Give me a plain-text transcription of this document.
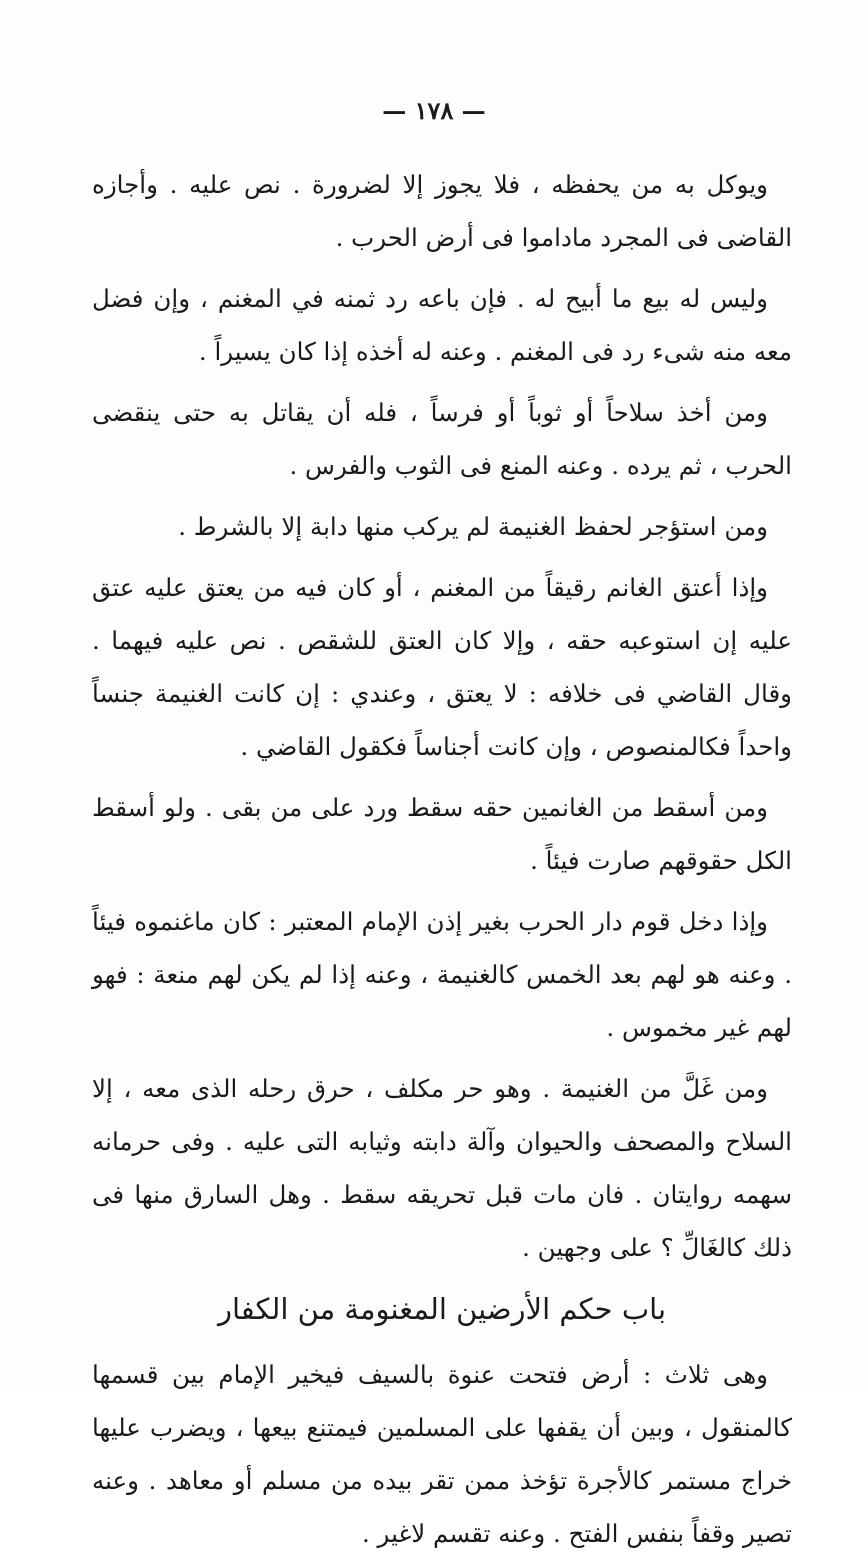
— ١٧٨ —

ويوكل به من يحفظه ، فلا يجوز إلا لضرورة . نص عليه . وأجازه القاضى فى المجرد ماداموا فى أرض الحرب .

وليس له بيع ما أبيح له . فإن باعه رد ثمنه في المغنم ، وإن فضل معه منه شىء رد فى المغنم . وعنه له أخذه إذا كان يسيراً .

ومن أخذ سلاحاً أو ثوباً أو فرساً ، فله أن يقاتل به حتى ينقضى الحرب ، ثم يرده . وعنه المنع فى الثوب والفرس .

ومن استؤجر لحفظ الغنيمة لم يركب منها دابة إلا بالشرط .

وإذا أعتق الغانم رقيقاً من المغنم ، أو كان فيه من يعتق عليه عتق عليه إن استوعبه حقه ، وإلا كان العتق للشقص . نص عليه فيهما . وقال القاضي فى خلافه : لا يعتق ، وعندي : إن كانت الغنيمة جنساً واحداً فكالمنصوص ، وإن كانت أجناساً فكقول القاضي .

ومن أسقط من الغانمين حقه سقط ورد على من بقى . ولو أسقط الكل حقوقهم صارت فيئاً .

وإذا دخل قوم دار الحرب بغير إذن الإمام المعتبر : كان ماغنموه فيئاً . وعنه هو لهم بعد الخمس كالغنيمة ، وعنه إذا لم يكن لهم منعة : فهو لهم غير مخموس .

ومن غَلَّ من الغنيمة . وهو حر مكلف ، حرق رحله الذى معه ، إلا السلاح والمصحف والحيوان وآلة دابته وثيابه التى عليه . وفى حرمانه سهمه روايتان . فان مات قبل تحريقه سقط . وهل السارق منها فى ذلك كالغَالِّ ؟ على وجهين .

باب حكم الأرضين المغنومة من الكفار

وهى ثلاث : أرض فتحت عنوة بالسيف فيخير الإمام بين قسمها كالمنقول ، وبين أن يقفها على المسلمين فيمتنع بيعها ، ويضرب عليها خراج مستمر كالأجرة تؤخذ ممن تقر بيده من مسلم أو معاهد . وعنه تصير وقفاً بنفس الفتح . وعنه تقسم لاغير .
